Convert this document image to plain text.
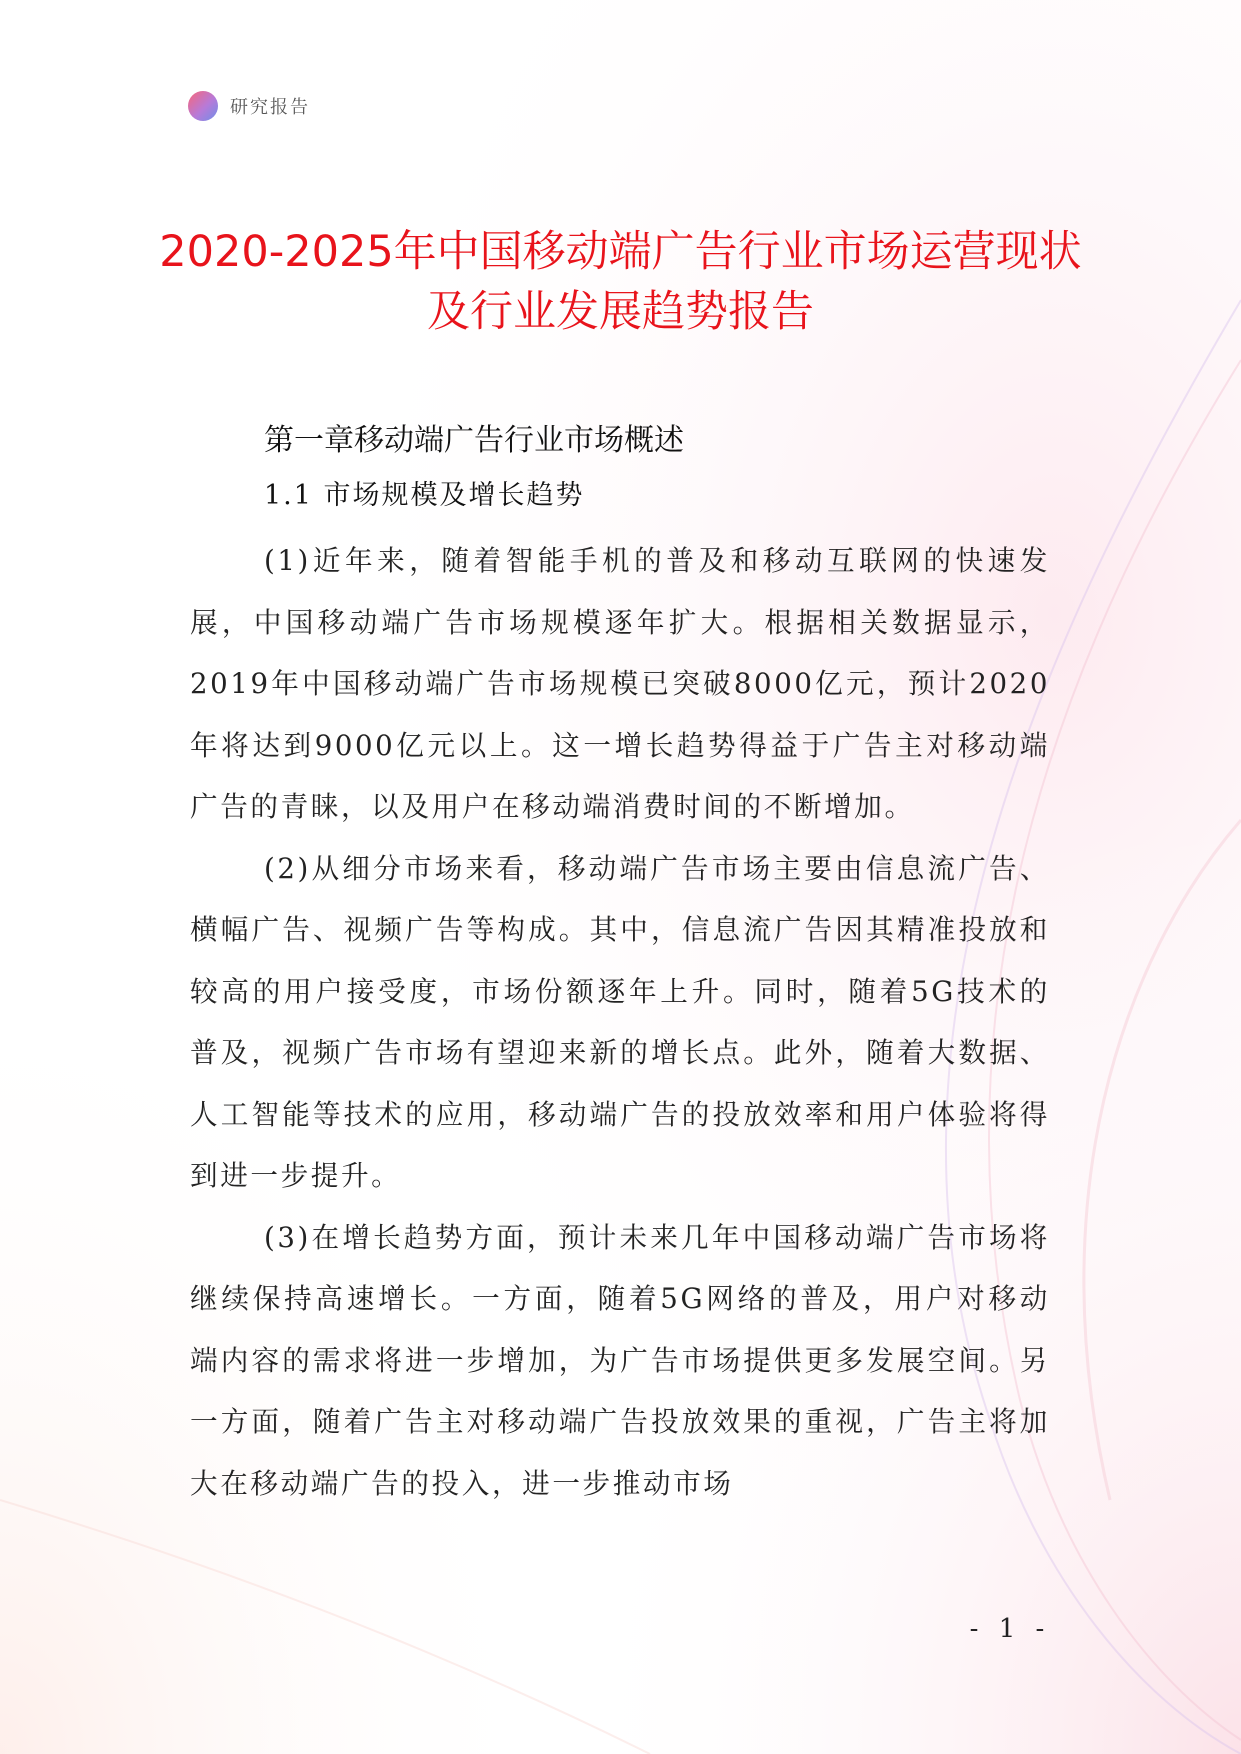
研究报告
2020-2025年中国移动端广告行业市场运营现状及行业发展趋势报告
第一章移动端广告行业市场概述
1.1 市场规模及增长趋势

(1)近年来，随着智能手机的普及和移动互联网的快速发展，中国移动端广告市场规模逐年扩大。根据相关数据显示，2019年中国移动端广告市场规模已突破8000亿元，预计2020年将达到9000亿元以上。这一增长趋势得益于广告主对移动端广告的青睐，以及用户在移动端消费时间的不断增加。

(2)从细分市场来看，移动端广告市场主要由信息流广告、横幅广告、视频广告等构成。其中，信息流广告因其精准投放和较高的用户接受度，市场份额逐年上升。同时，随着5G技术的普及，视频广告市场有望迎来新的增长点。此外，随着大数据、人工智能等技术的应用，移动端广告的投放效率和用户体验将得到进一步提升。

(3)在增长趋势方面，预计未来几年中国移动端广告市场将继续保持高速增长。一方面，随着5G网络的普及，用户对移动端内容的需求将进一步增加，为广告市场提供更多发展空间。另一方面，随着广告主对移动端广告投放效果的重视，广告主将加大在移动端广告的投入，进一步推动市场

- 1 -
